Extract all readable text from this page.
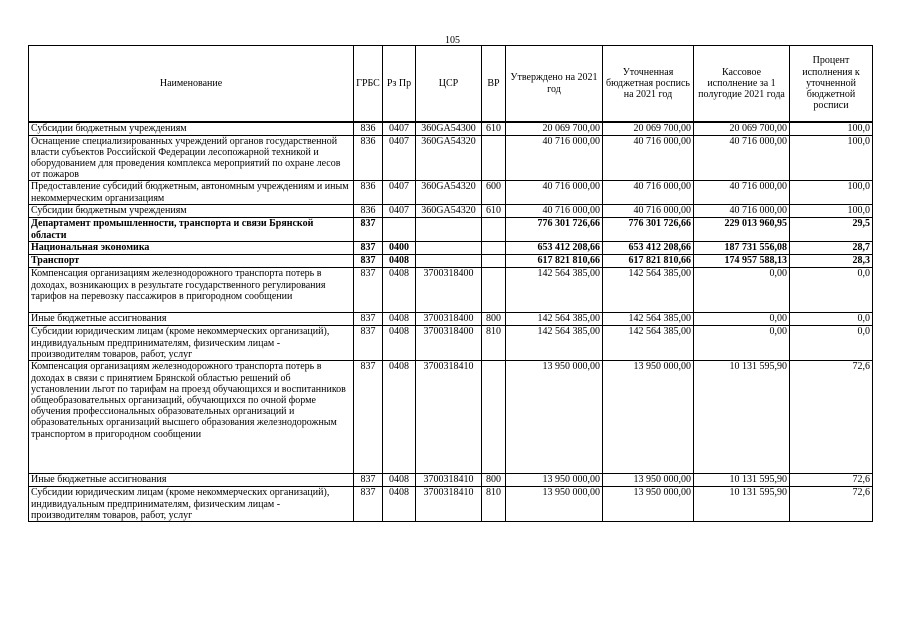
105
Наименование	ГРБС	Рз Пр	ЦСР	ВР	Утверждено на 2021 год	Уточненная бюджетная роспись на 2021 год	Кассовое исполнение за 1 полугодие 2021 года	Процент исполнения к уточненной бюджетной росписи
Субсидии бюджетным учреждениям	836	0407	360GA54300	610	20 069 700,00	20 069 700,00	20 069 700,00	100,0
Оснащение специализированных учреждений органов государственной власти субъектов Российской Федерации лесопожарной техникой и оборудованием для проведения комплекса мероприятий по охране лесов от пожаров	836	0407	360GA54320		40 716 000,00	40 716 000,00	40 716 000,00	100,0
Предоставление субсидий бюджетным, автономным учреждениям и иным некоммерческим организациям	836	0407	360GA54320	600	40 716 000,00	40 716 000,00	40 716 000,00	100,0
Субсидии бюджетным учреждениям	836	0407	360GA54320	610	40 716 000,00	40 716 000,00	40 716 000,00	100,0
Департамент промышленности, транспорта и связи Брянской области	837				776 301 726,66	776 301 726,66	229 013 960,95	29,5
Национальная экономика	837	0400			653 412 208,66	653 412 208,66	187 731 556,08	28,7
Транспорт	837	0408			617 821 810,66	617 821 810,66	174 957 588,13	28,3
Компенсация организациям железнодорожного транспорта потерь в доходах, возникающих в результате государственного регулирования тарифов на перевозку пассажиров в пригородном сообщении	837	0408	3700318400		142 564 385,00	142 564 385,00	0,00	0,0
Иные бюджетные ассигнования	837	0408	3700318400	800	142 564 385,00	142 564 385,00	0,00	0,0
Субсидии юридическим лицам (кроме некоммерческих организаций), индивидуальным предпринимателям, физическим лицам - производителям товаров, работ, услуг	837	0408	3700318400	810	142 564 385,00	142 564 385,00	0,00	0,0
Компенсация организациям железнодорожного транспорта потерь в доходах в связи с принятием Брянской областью решений об установлении льгот по тарифам на проезд обучающихся и воспитанников общеобразовательных организаций, обучающихся по очной форме обучения профессиональных образовательных организаций и образовательных организаций высшего образования железнодорожным транспортом в пригородном сообщении	837	0408	3700318410		13 950 000,00	13 950 000,00	10 131 595,90	72,6
Иные бюджетные ассигнования	837	0408	3700318410	800	13 950 000,00	13 950 000,00	10 131 595,90	72,6
Субсидии юридическим лицам (кроме некоммерческих организаций), индивидуальным предпринимателям, физическим лицам - производителям товаров, работ, услуг	837	0408	3700318410	810	13 950 000,00	13 950 000,00	10 131 595,90	72,6
